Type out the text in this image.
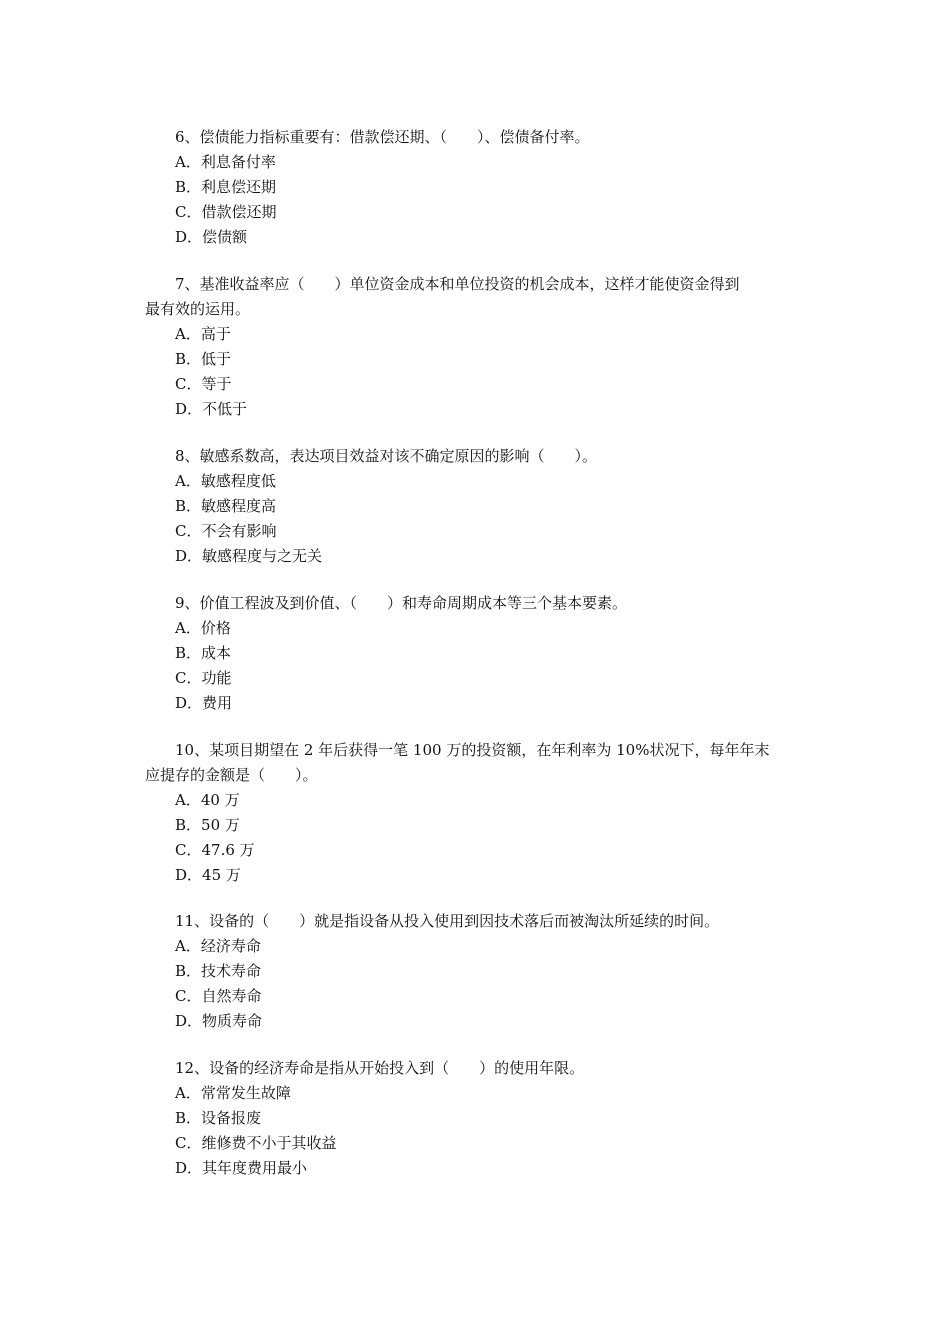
6、偿债能力指标重要有：借款偿还期、（　　）、偿债备付率。
A．利息备付率
B．利息偿还期
C．借款偿还期
D．偿债额
7、基准收益率应（　　）单位资金成本和单位投资的机会成本，这样才能使资金得到
最有效的运用。
A．高于
B．低于
C．等于
D．不低于
8、敏感系数高，表达项目效益对该不确定原因的影响（　　）。
A．敏感程度低
B．敏感程度高
C．不会有影响
D．敏感程度与之无关
9、价值工程波及到价值、（　　）和寿命周期成本等三个基本要素。
A．价格
B．成本
C．功能
D．费用
10、某项目期望在 2 年后获得一笔 100 万的投资额，在年利率为 10%状况下，每年年末
应提存的金额是（　　）。
A．40 万
B．50 万
C．47.6 万
D．45 万
11、设备的（　　）就是指设备从投入使用到因技术落后而被淘汰所延续的时间。
A．经济寿命
B．技术寿命
C．自然寿命
D．物质寿命
12、设备的经济寿命是指从开始投入到（　　）的使用年限。
A．常常发生故障
B．设备报废
C．维修费不小于其收益
D．其年度费用最小
